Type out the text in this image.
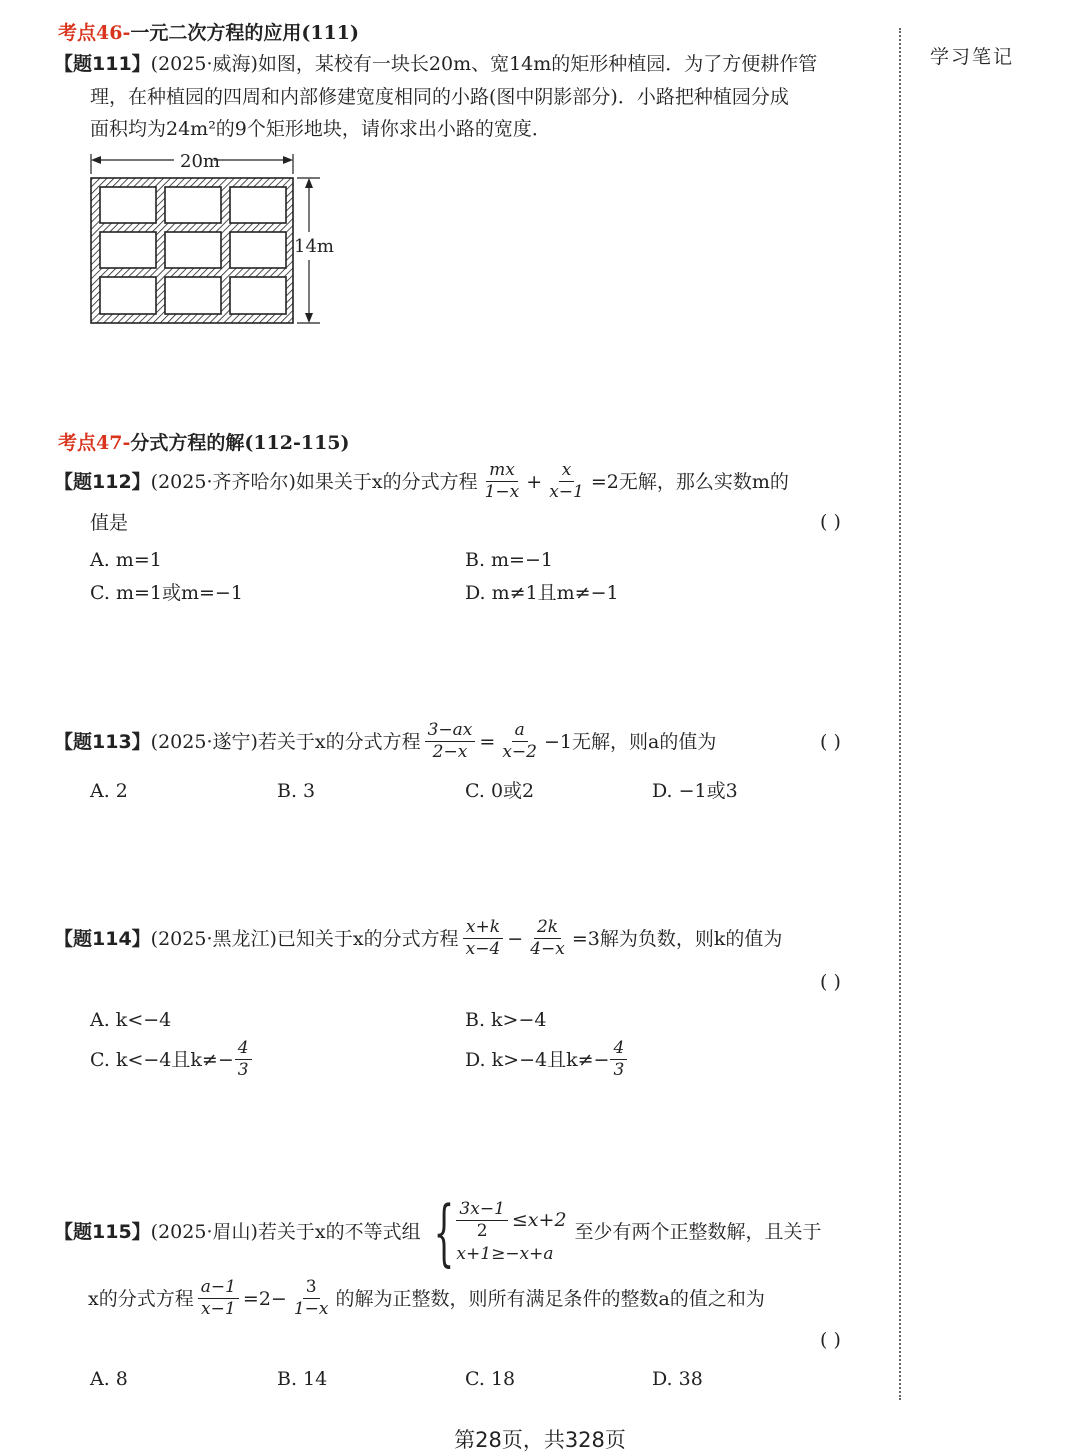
学习笔记
考点46-一元二次方程的应用(111)
【题111】(2025·威海)如图，某校有一块长20m、宽14m的矩形种植园．为了方便耕作管
理，在种植园的四周和内部修建宽度相同的小路(图中阴影部分)．小路把种植园分成
面积均为24m²的9个矩形地块，请你求出小路的宽度．
20m
14m
考点47-分式方程的解(112-115)
【题112】 (2025·齐齐哈尔) 如果关于x的分式方程 $\frac{mx}{1-x} + \frac{x}{x-1} =2$无解，那么实数m的
值是	( )
A. m=1	B. m=−1
C. m=1或m=−1	D. m≠1且m≠−1
【题113】 (2025·遂宁) 若关于x的分式方程 $\frac{3-ax}{2-x} = \frac{a}{x-2} -1$无解，则a的值为	( )
A. 2	B. 3	C. 0或2	D. −1或3
【题114】 (2025·黑龙江) 已知关于x的分式方程 $\frac{x+k}{x-4} - \frac{2k}{4-x} =3$解为负数，则k的值为
( )
A. k<−4	B. k>−4
C. k<−4且$k\ne- \frac{4}{3}$	D. k>−4且$k\ne- \frac{4}{3}$
【题115】 (2025·眉山) 若关于x的不等式组 { $\frac{3x-1}{2} \le x+2$
x+1≥−x+a
至少有两个正整数解，且关于
x的分式方程 $\frac{a-1}{x-1} =2- \frac{3}{1-x}$ 的解为正整数，则所有满足条件的整数a的值之和为
( )
A. 8	B. 14	C. 18	D. 38
第28页，共328页
